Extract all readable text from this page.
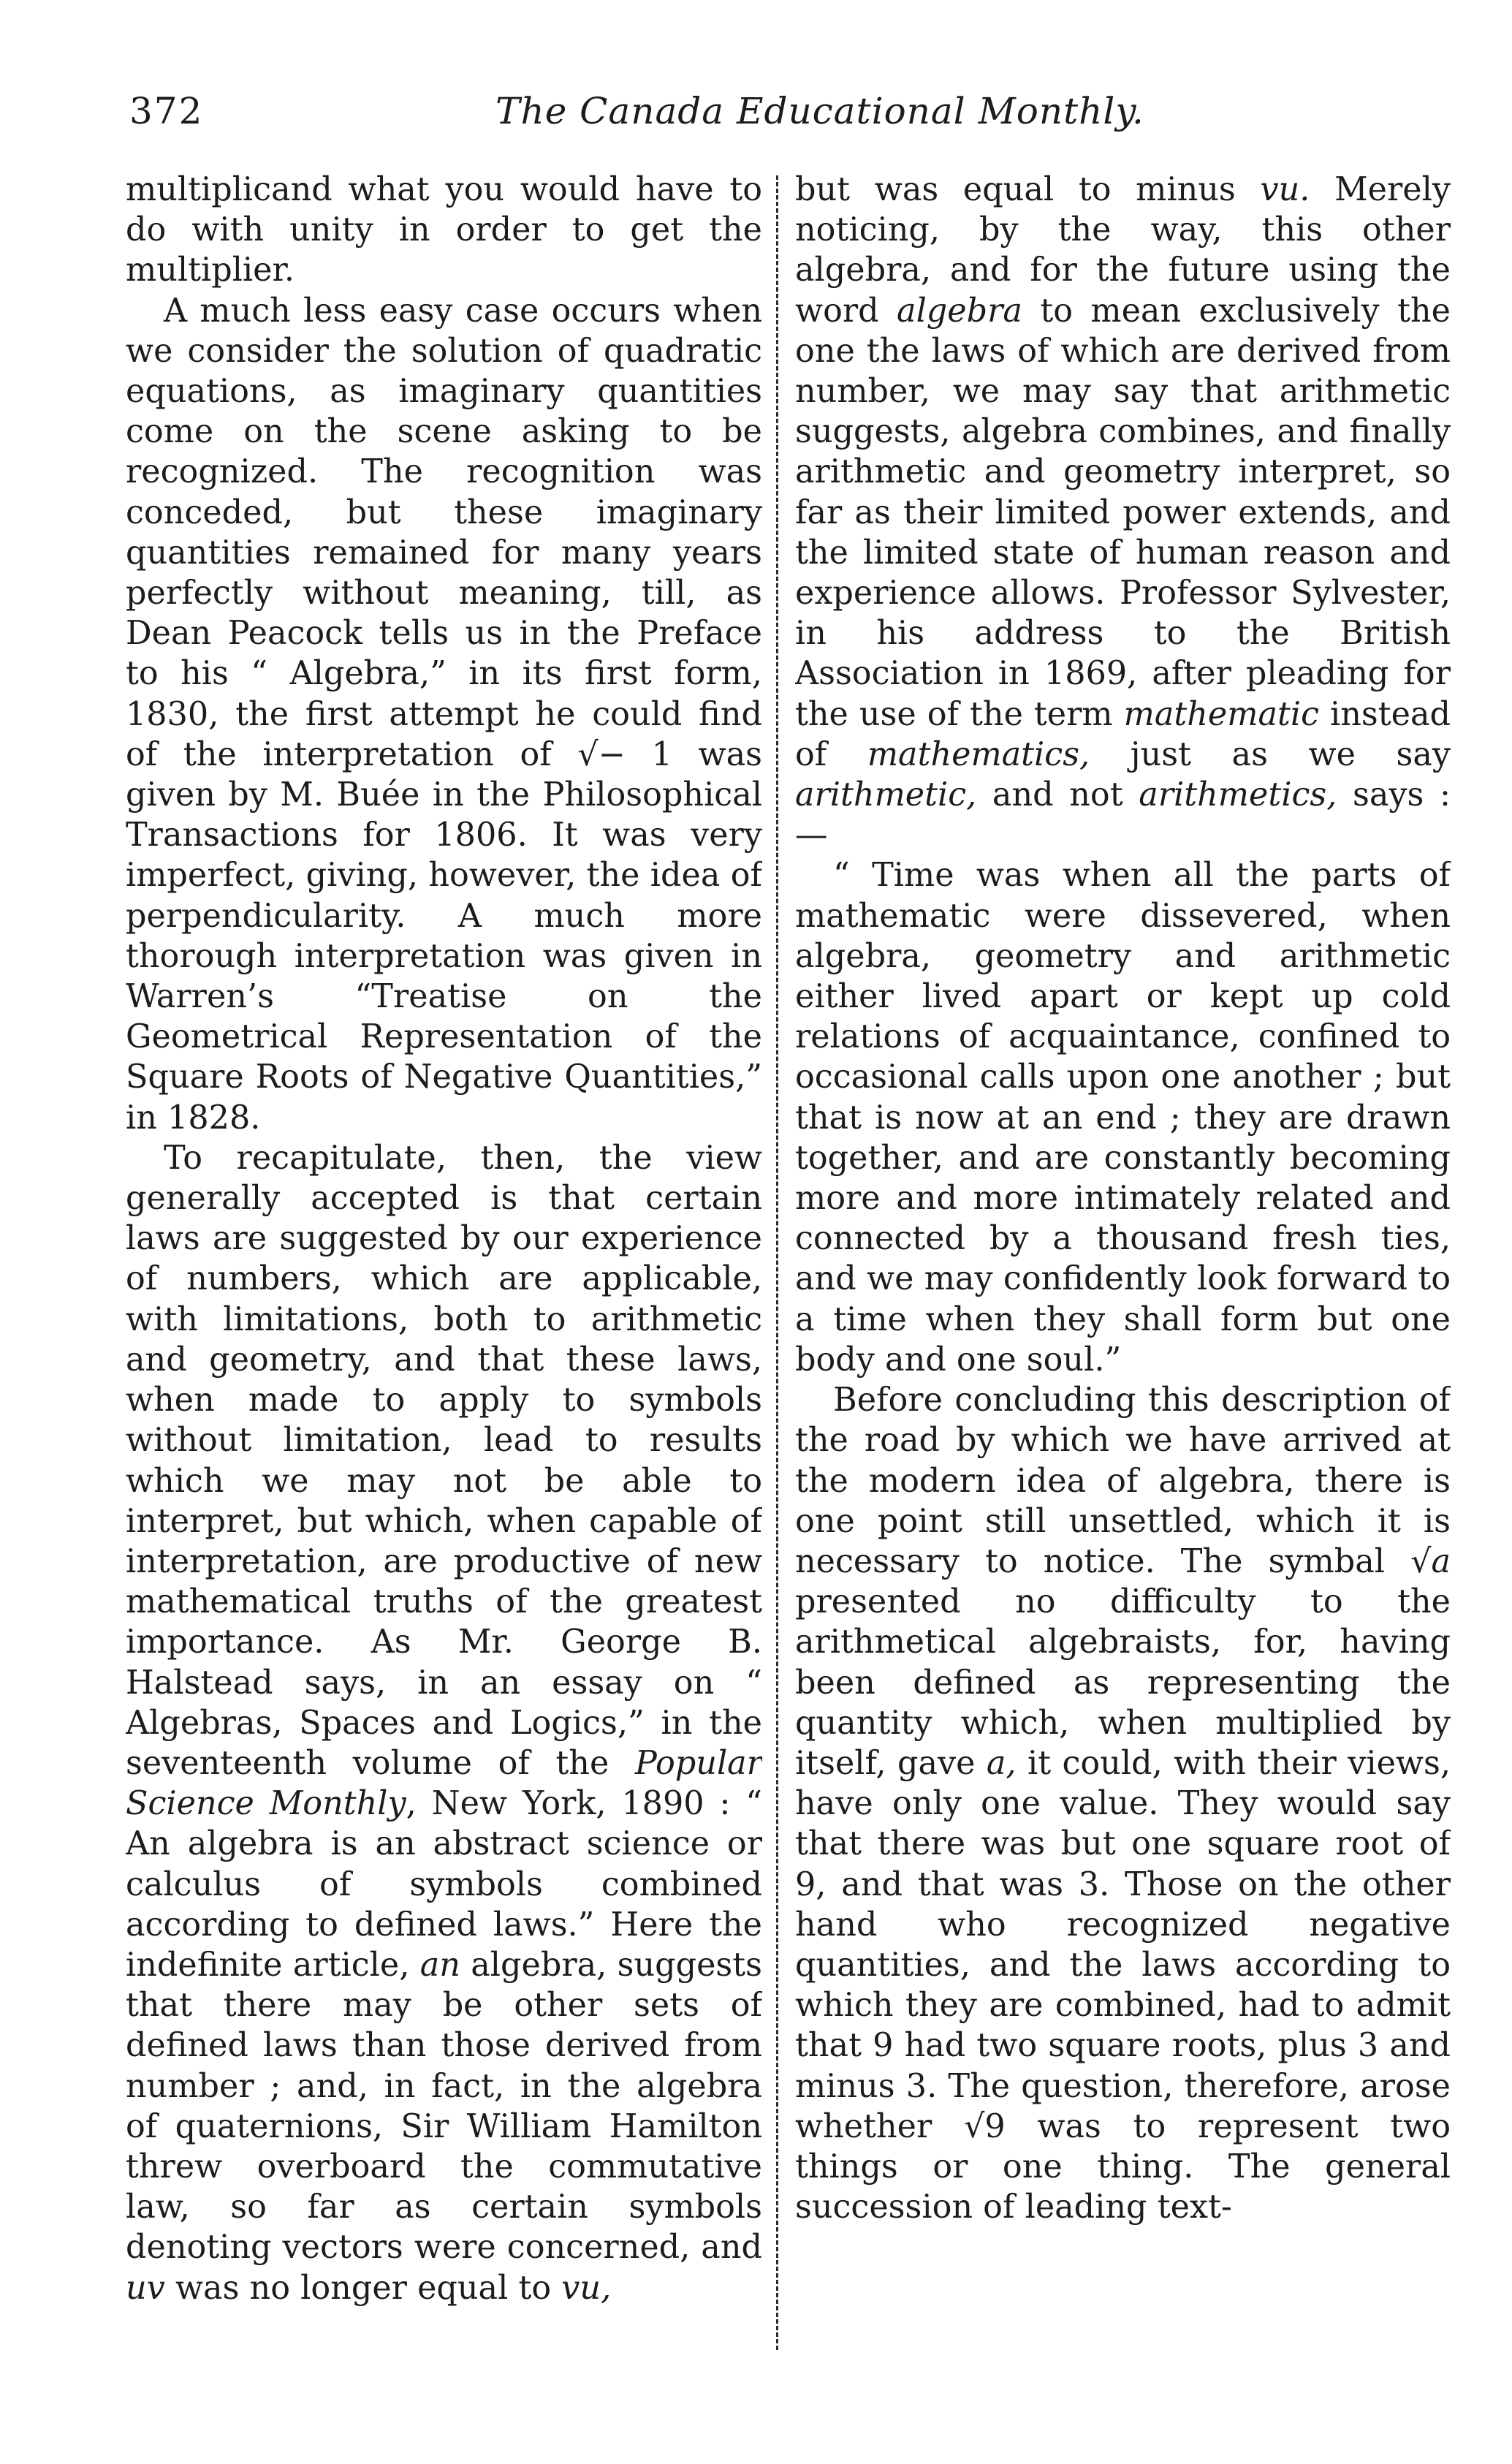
372	The Canada Educational Monthly.

multiplicand what you would have to do with unity in order to get the multiplier.

A much less easy case occurs when we consider the solution of quadratic equations, as imaginary quantities come on the scene asking to be recognized. The recognition was conceded, but these imaginary quantities remained for many years perfectly without meaning, till, as Dean Peacock tells us in the Preface to his “ Algebra,” in its first form, 1830, the first attempt he could find of the interpretation of √− 1 was given by M. Buée in the Philosophical Transactions for 1806. It was very imperfect, giving, however, the idea of perpendicularity. A much more thorough interpretation was given in Warren’s “Treatise on the Geometrical Representation of the Square Roots of Negative Quantities,” in 1828.

To recapitulate, then, the view generally accepted is that certain laws are suggested by our experience of numbers, which are applicable, with limitations, both to arithmetic and geometry, and that these laws, when made to apply to symbols without limitation, lead to results which we may not be able to interpret, but which, when capable of interpretation, are productive of new mathematical truths of the greatest importance. As Mr. George B. Halstead says, in an essay on “ Algebras, Spaces and Logics,” in the seventeenth volume of the Popular Science Monthly, New York, 1890 : “ An algebra is an abstract science or calculus of symbols combined according to defined laws.” Here the indefinite article, an algebra, suggests that there may be other sets of defined laws than those derived from number ; and, in fact, in the algebra of quaternions, Sir William Hamilton threw overboard the commutative law, so far as certain symbols denoting vectors were concerned, and uv was no longer equal to vu,

but was equal to minus vu. Merely noticing, by the way, this other algebra, and for the future using the word algebra to mean exclusively the one the laws of which are derived from number, we may say that arithmetic suggests, algebra combines, and finally arithmetic and geometry interpret, so far as their limited power extends, and the limited state of human reason and experience allows. Professor Sylvester, in his address to the British Association in 1869, after pleading for the use of the term mathematic instead of mathematics, just as we say arithmetic, and not arithmetics, says :—

“ Time was when all the parts of mathematic were dissevered, when algebra, geometry and arithmetic either lived apart or kept up cold relations of acquaintance, confined to occasional calls upon one another ; but that is now at an end ; they are drawn together, and are constantly becoming more and more intimately related and connected by a thousand fresh ties, and we may confidently look forward to a time when they shall form but one body and one soul.”

Before concluding this description of the road by which we have arrived at the modern idea of algebra, there is one point still unsettled, which it is necessary to notice. The symbal √a presented no difficulty to the arithmetical algebraists, for, having been defined as representing the quantity which, when multiplied by itself, gave a, it could, with their views, have only one value. They would say that there was but one square root of 9, and that was 3. Those on the other hand who recognized negative quantities, and the laws according to which they are combined, had to admit that 9 had two square roots, plus 3 and minus 3. The question, therefore, arose whether √9 was to represent two things or one thing. The general succession of leading text-
